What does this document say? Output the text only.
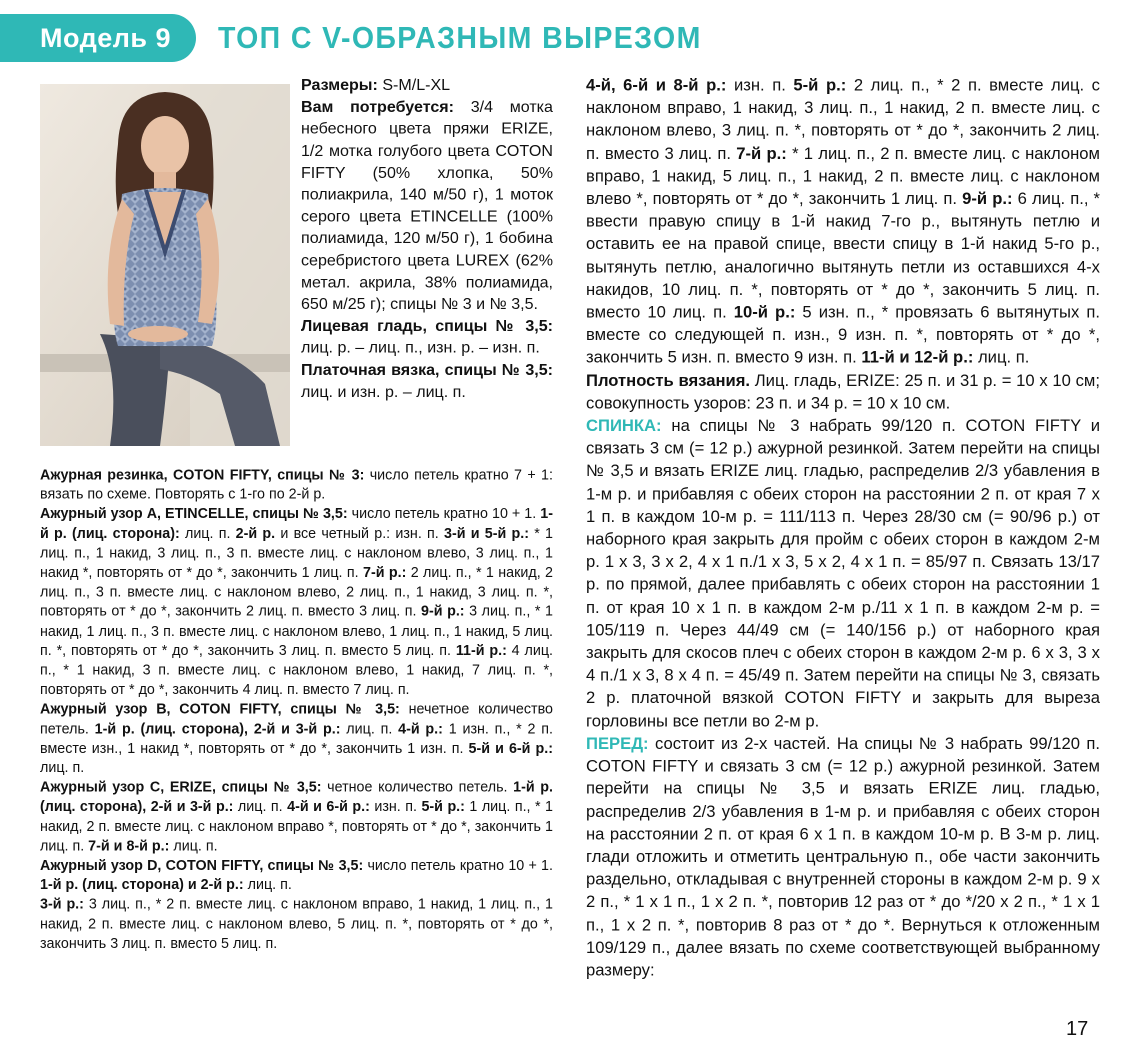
Модель 9	ТОП С V-ОБРАЗНЫМ ВЫРЕЗОМ

Размеры: S-M/L-XL

Вам потребуется: 3/4 мотка небесного цвета пряжи ERIZE, 1/2 мотка голубого цвета COTON FIFTY (50% хлопка, 50% полиакрила, 140 м/50 г), 1 моток серого цвета ETINCELLE (100% полиамида, 120 м/50 г), 1 бобина серебристого цвета LUREX (62% метал. акрила, 38% полиамида, 650 м/25 г); спицы № 3 и № 3,5.

Лицевая гладь, спицы № 3,5: лиц. р. – лиц. п., изн. р. – изн. п.

Платочная вязка, спицы № 3,5: лиц. и изн. р. – лиц. п.

Ажурная резинка, COTON FIFTY, спицы № 3: число петель кратно 7 + 1: вязать по схеме. Повторять с 1-го по 2-й р.

Ажурный узор A, ETINCELLE, спицы № 3,5: число петель кратно 10 + 1. 1-й р. (лиц. сторона): лиц. п. 2-й р. и все четный р.: изн. п. 3-й и 5-й р.: * 1 лиц. п., 1 накид, 3 лиц. п., 3 п. вместе лиц. с наклоном влево, 3 лиц. п., 1 накид *, повторять от * до *, закончить 1 лиц. п. 7-й р.: 2 лиц. п., * 1 накид, 2 лиц. п., 3 п. вместе лиц. с наклоном влево, 2 лиц. п., 1 накид, 3 лиц. п. *, повторять от * до *, закончить 2 лиц. п. вместо 3 лиц. п. 9-й р.: 3 лиц. п., * 1 накид, 1 лиц. п., 3 п. вместе лиц. с наклоном влево, 1 лиц. п., 1 накид, 5 лиц. п. *, повторять от * до *, закончить 3 лиц. п. вместо 5 лиц. п. 11-й р.: 4 лиц. п., * 1 накид, 3 п. вместе лиц. с наклоном влево, 1 накид, 7 лиц. п. *, повторять от * до *, закончить 4 лиц. п. вместо 7 лиц. п.

Ажурный узор B, COTON FIFTY, спицы № 3,5: нечетное количество петель. 1-й р. (лиц. сторона), 2-й и 3-й р.: лиц. п. 4-й р.: 1 изн. п., * 2 п. вместе изн., 1 накид *, повторять от * до *, закончить 1 изн. п. 5-й и 6-й р.: лиц. п.

Ажурный узор C, ERIZE, спицы № 3,5: четное количество петель. 1-й р. (лиц. сторона), 2-й и 3-й р.: лиц. п. 4-й и 6-й р.: изн. п. 5-й р.: 1 лиц. п., * 1 накид, 2 п. вместе лиц. с наклоном вправо *, повторять от * до *, закончить 1 лиц. п. 7-й и 8-й р.: лиц. п.

Ажурный узор D, COTON FIFTY, спицы № 3,5: число петель кратно 10 + 1. 1-й р. (лиц. сторона) и 2-й р.: лиц. п.

3-й р.: 3 лиц. п., * 2 п. вместе лиц. с наклоном вправо, 1 накид, 1 лиц. п., 1 накид, 2 п. вместе лиц. с наклоном влево, 5 лиц. п. *, повторять от * до *, закончить 3 лиц. п. вместо 5 лиц. п.

4-й, 6-й и 8-й р.: изн. п. 5-й р.: 2 лиц. п., * 2 п. вместе лиц. с наклоном вправо, 1 накид, 3 лиц. п., 1 накид, 2 п. вместе лиц. с наклоном влево, 3 лиц. п. *, повторять от * до *, закончить 2 лиц. п. вместо 3 лиц. п. 7-й р.: * 1 лиц. п., 2 п. вместе лиц. с наклоном вправо, 1 накид, 5 лиц. п., 1 накид, 2 п. вместе лиц. с наклоном влево *, повторять от * до *, закончить 1 лиц. п. 9-й р.: 6 лиц. п., * ввести правую спицу в 1-й накид 7-го р., вытянуть петлю и оставить ее на правой спице, ввести спицу в 1-й накид 5-го р., вытянуть петлю, аналогично вытянуть петли из оставшихся 4-х накидов, 10 лиц. п. *, повторять от * до *, закончить 5 лиц. п. вместо 10 лиц. п. 10-й р.: 5 изн. п., * провязать 6 вытянутых п. вместе со следующей п. изн., 9 изн. п. *, повторять от * до *, закончить 5 изн. п. вместо 9 изн. п. 11-й и 12-й р.: лиц. п.

Плотность вязания. Лиц. гладь, ERIZE: 25 п. и 31 р. = 10 х 10 см; совокупность узоров: 23 п. и 34 р. = 10 х 10 см.

СПИНКА: на спицы № 3 набрать 99/120 п. COTON FIFTY и связать 3 см (= 12 р.) ажурной резинкой. Затем перейти на спицы № 3,5 и вязать ERIZE лиц. гладью, распределив 2/3 убавления в 1-м р. и прибавляя с обеих сторон на расстоянии 2 п. от края 7 х 1 п. в каждом 10-м р. = 111/113 п. Через 28/30 см (= 90/96 р.) от наборного края закрыть для пройм с обеих сторон в каждом 2-м р. 1 х 3, 3 х 2, 4 х 1 п./1 х 3, 5 х 2, 4 х 1 п. = 85/97 п. Связать 13/17 р. по прямой, далее прибавлять с обеих сторон на расстоянии 1 п. от края 10 х 1 п. в каждом 2-м р./11 х 1 п. в каждом 2-м р. = 105/119 п. Через 44/49 см (= 140/156 р.) от наборного края закрыть для скосов плеч с обеих сторон в каждом 2-м р. 6 х 3, 3 х 4 п./1 х 3, 8 х 4 п. = 45/49 п. Затем перейти на спицы № 3, связать 2 р. платочной вязкой COTON FIFTY и закрыть для выреза горловины все петли во 2-м р.

ПЕРЕД: состоит из 2-х частей. На спицы № 3 набрать 99/120 п. COTON FIFTY и связать 3 см (= 12 р.) ажурной резинкой. Затем перейти на спицы № 3,5 и вязать ERIZE лиц. гладью, распределив 2/3 убавления в 1-м р. и прибавляя с обеих сторон на расстоянии 2 п. от края 6 х 1 п. в каждом 10-м р. В 3-м р. лиц. глади отложить и отметить центральную п., обе части закончить раздельно, откладывая с внутренней стороны в каждом 2-м р. 9 х 2 п., * 1 х 1 п., 1 х 2 п. *, повторив 12 раз от * до */20 х 2 п., * 1 х 1 п., 1 х 2 п. *, повторив 8 раз от * до *. Вернуться к отложенным 109/129 п., далее вязать по схеме соответствующей выбранному размеру:

17
